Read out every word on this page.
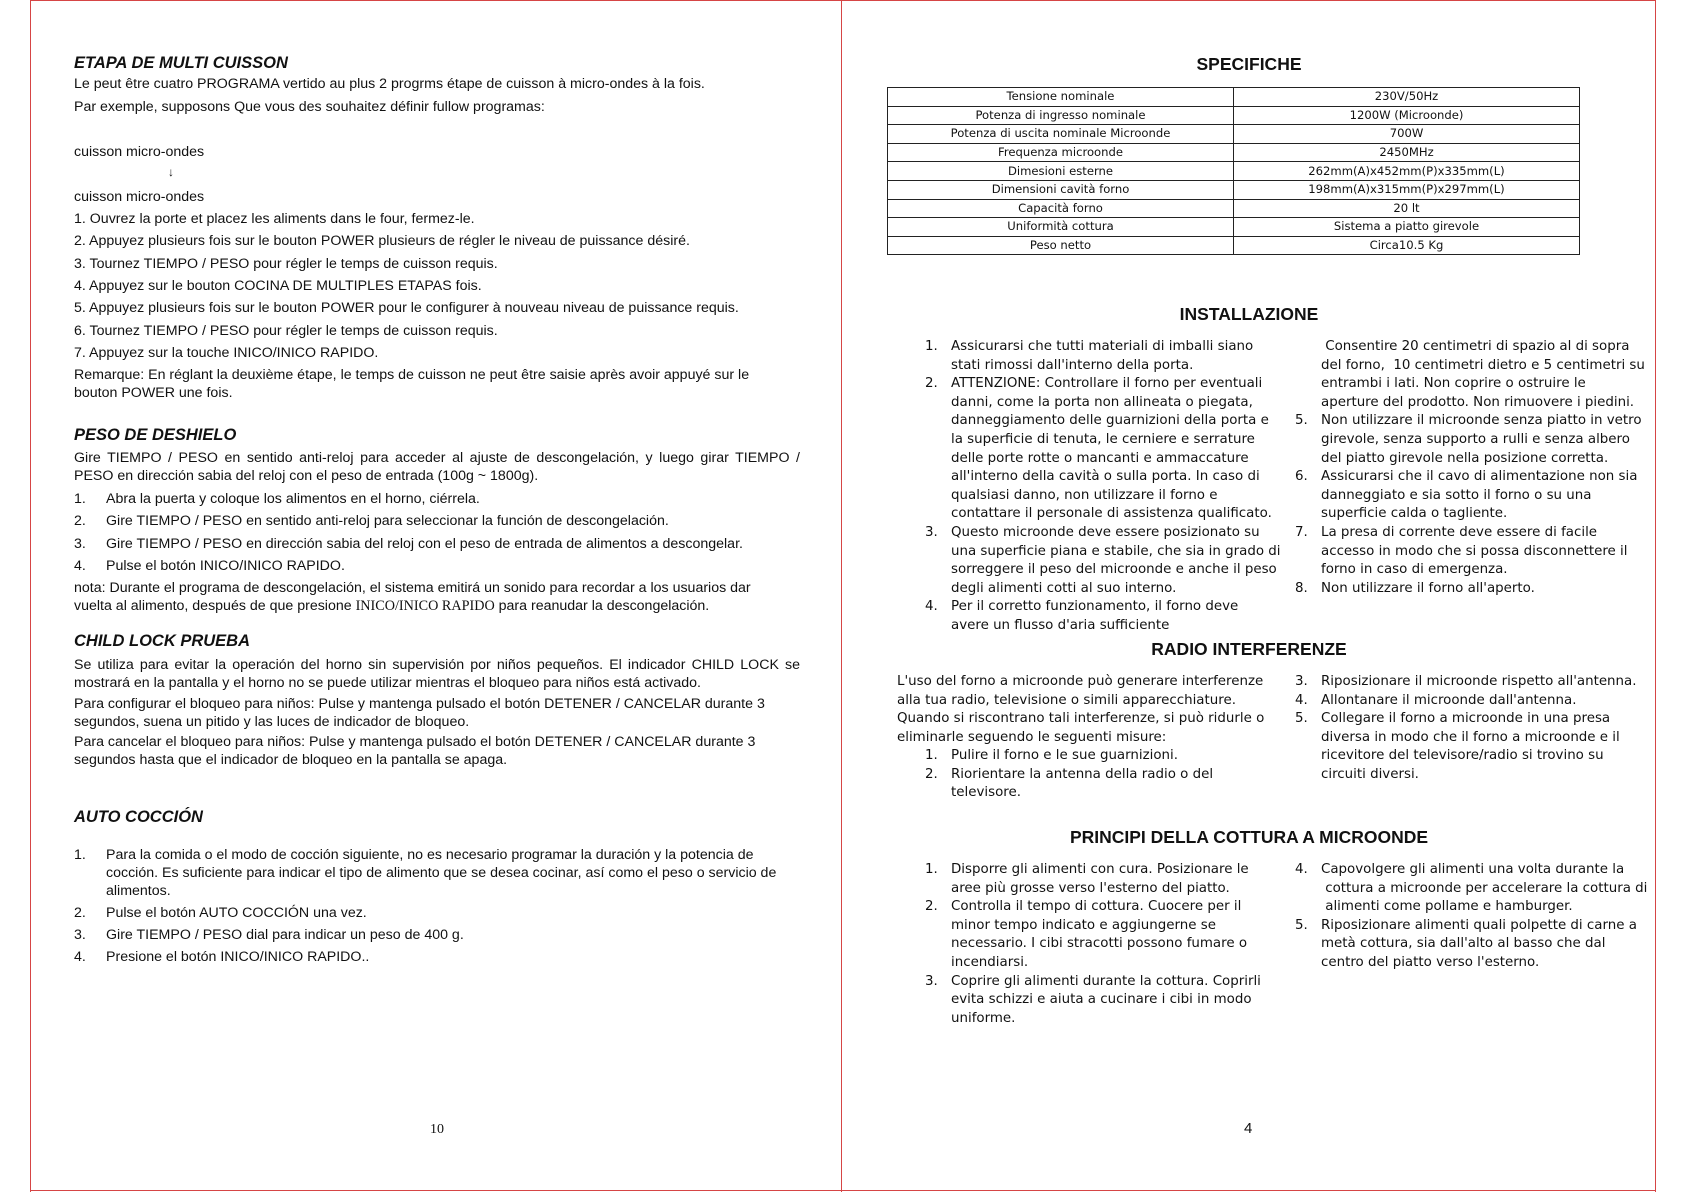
ETAPA DE MULTI CUISSON
Le peut être cuatro PROGRAMA vertido au plus 2 progrms étape de cuisson à micro-ondes à la fois.
Par exemple, supposons Que vous des souhaitez définir fullow programas:
cuisson micro-ondes
↓
cuisson micro-ondes
1. Ouvrez la porte et placez les aliments dans le four, fermez-le.
2. Appuyez plusieurs fois sur le bouton POWER plusieurs de régler le niveau de puissance désiré.
3. Tournez TIEMPO / PESO pour régler le temps de cuisson requis.
4. Appuyez sur le bouton COCINA DE MULTIPLES ETAPAS fois.
5. Appuyez plusieurs fois sur le bouton POWER pour le configurer à nouveau niveau de puissance requis.
6. Tournez TIEMPO / PESO pour régler le temps de cuisson requis.
7. Appuyez sur la touche INICO/INICO RAPIDO.
Remarque: En réglant la deuxième étape, le temps de cuisson ne peut être saisie après avoir appuyé sur le
bouton POWER une fois.
PESO DE DESHIELO
Gire TIEMPO / PESO en sentido anti-reloj para acceder al ajuste de descongelación, y luego girar TIEMPO /
PESO en dirección sabia del reloj con el peso de entrada (100g ~ 1800g).
1. Abra la puerta y coloque los alimentos en el horno, ciérrela.
2. Gire TIEMPO / PESO en sentido anti-reloj para seleccionar la función de descongelación.
3. Gire TIEMPO / PESO en dirección sabia del reloj con el peso de entrada de alimentos a descongelar.
4. Pulse el botón INICO/INICO RAPIDO.
nota: Durante el programa de descongelación, el sistema emitirá un sonido para recordar a los usuarios dar
vuelta al alimento, después de que presione INICO/INICO RAPIDO para reanudar la descongelación.
CHILD LOCK PRUEBA
Se utiliza para evitar la operación del horno sin supervisión por niños pequeños. El indicador CHILD LOCK se
mostrará en la pantalla y el horno no se puede utilizar mientras el bloqueo para niños está activado.
Para configurar el bloqueo para niños: Pulse y mantenga pulsado el botón DETENER / CANCELAR durante 3
segundos, suena un pitido y las luces de indicador de bloqueo.
Para cancelar el bloqueo para niños: Pulse y mantenga pulsado el botón DETENER / CANCELAR durante 3
segundos hasta que el indicador de bloqueo en la pantalla se apaga.
AUTO COCCIÓN
1. Para la comida o el modo de cocción siguiente, no es necesario programar la duración y la potencia de
cocción. Es suficiente para indicar el tipo de alimento que se desea cocinar, así como el peso o servicio de
alimentos.
2. Pulse el botón AUTO COCCIÓN una vez.
3. Gire TIEMPO / PESO dial para indicar un peso de 400 g.
4. Presione el botón INICO/INICO RAPIDO..
10
SPECIFICHE
Tensione nominale	230V/50Hz
Potenza di ingresso nominale	1200W (Microonde)
Potenza di uscita nominale Microonde	700W
Frequenza microonde	2450MHz
Dimesioni esterne	262mm(A)x452mm(P)x335mm(L)
Dimensioni cavità forno	198mm(A)x315mm(P)x297mm(L)
Capacità forno	20 lt
Uniformità cottura	Sistema a piatto girevole
Peso netto	Circa10.5 Kg
INSTALLAZIONE
1. Assicurarsi che tutti materiali di imballi siano
stati rimossi dall'interno della porta.
2. ATTENZIONE: Controllare il forno per eventuali
danni, come la porta non allineata o piegata,
danneggiamento delle guarnizioni della porta e
la superficie di tenuta, le cerniere e serrature
delle porte rotte o mancanti e ammaccature
all'interno della cavità o sulla porta. In caso di
qualsiasi danno, non utilizzare il forno e
contattare il personale di assistenza qualificato.
3. Questo microonde deve essere posizionato su
una superficie piana e stabile, che sia in grado di
sorreggere il peso del microonde e anche il peso
degli alimenti cotti al suo interno.
4. Per il corretto funzionamento, il forno deve
avere un flusso d'aria sufficiente
Consentire 20 centimetri di spazio al di sopra
del forno,  10 centimetri dietro e 5 centimetri su
entrambi i lati. Non coprire o ostruire le
aperture del prodotto. Non rimuovere i piedini.
5. Non utilizzare il microonde senza piatto in vetro
girevole, senza supporto a rulli e senza albero
del piatto girevole nella posizione corretta.
6. Assicurarsi che il cavo di alimentazione non sia
danneggiato e sia sotto il forno o su una
superficie calda o tagliente.
7. La presa di corrente deve essere di facile
accesso in modo che si possa disconnettere il
forno in caso di emergenza.
8. Non utilizzare il forno all'aperto.
RADIO INTERFERENZE
L'uso del forno a microonde può generare interferenze
alla tua radio, televisione o simili apparecchiature.
Quando si riscontrano tali interferenze, si può ridurle o
eliminarle seguendo le seguenti misure:
1. Pulire il forno e le sue guarnizioni.
2. Riorientare la antenna della radio o del
televisore.
3. Riposizionare il microonde rispetto all'antenna.
4. Allontanare il microonde dall'antenna.
5. Collegare il forno a microonde in una presa
diversa in modo che il forno a microonde e il
ricevitore del televisore/radio si trovino su
circuiti diversi.
PRINCIPI DELLA COTTURA A MICROONDE
1. Disporre gli alimenti con cura. Posizionare le
aree più grosse verso l'esterno del piatto.
2. Controlla il tempo di cottura. Cuocere per il
minor tempo indicato e aggiungerne se
necessario. I cibi stracotti possono fumare o
incendiarsi.
3. Coprire gli alimenti durante la cottura. Coprirli
evita schizzi e aiuta a cucinare i cibi in modo
uniforme.
4. Capovolgere gli alimenti una volta durante la
cottura a microonde per accelerare la cottura di
alimenti come pollame e hamburger.
5. Riposizionare alimenti quali polpette di carne a
metà cottura, sia dall'alto al basso che dal
centro del piatto verso l'esterno.
4
